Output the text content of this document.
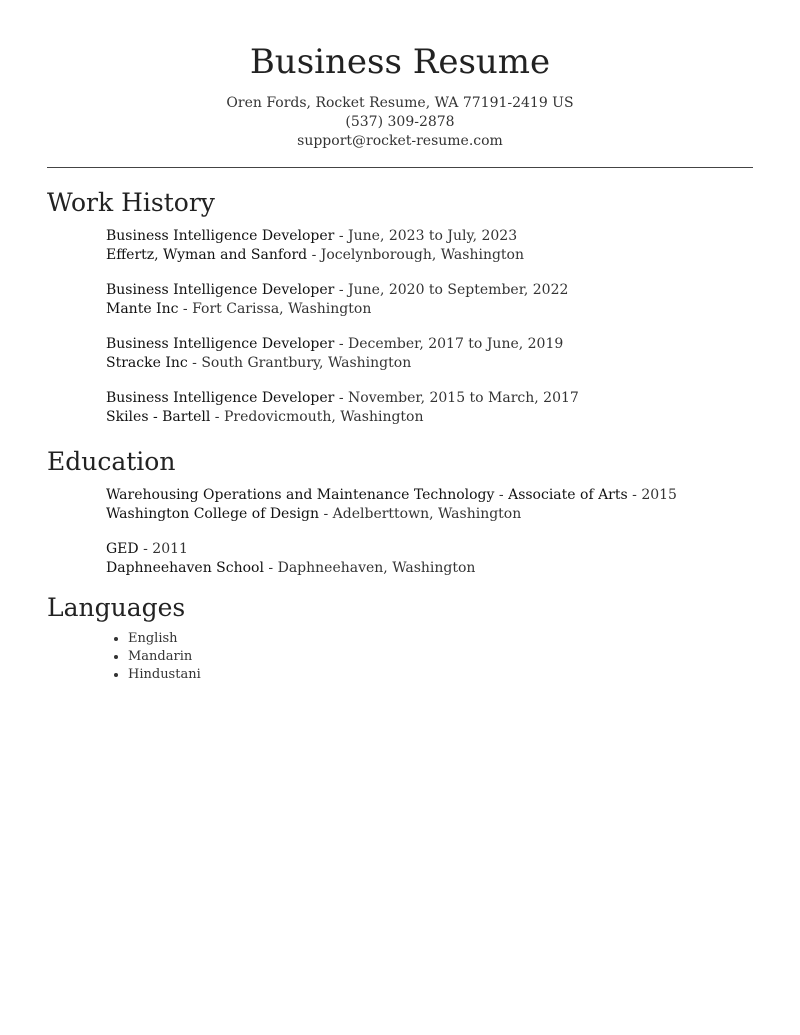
Business Resume
Oren Fords, Rocket Resume, WA 77191-2419 US
(537) 309-2878
support@rocket-resume.com
Work History
Business Intelligence Developer - June, 2023 to July, 2023
Effertz, Wyman and Sanford - Jocelynborough, Washington
Business Intelligence Developer - June, 2020 to September, 2022
Mante Inc - Fort Carissa, Washington
Business Intelligence Developer - December, 2017 to June, 2019
Stracke Inc - South Grantbury, Washington
Business Intelligence Developer - November, 2015 to March, 2017
Skiles - Bartell - Predovicmouth, Washington
Education
Warehousing Operations and Maintenance Technology - Associate of Arts - 2015
Washington College of Design - Adelberttown, Washington
GED - 2011
Daphneehaven School - Daphneehaven, Washington
Languages
• English
• Mandarin
• Hindustani
